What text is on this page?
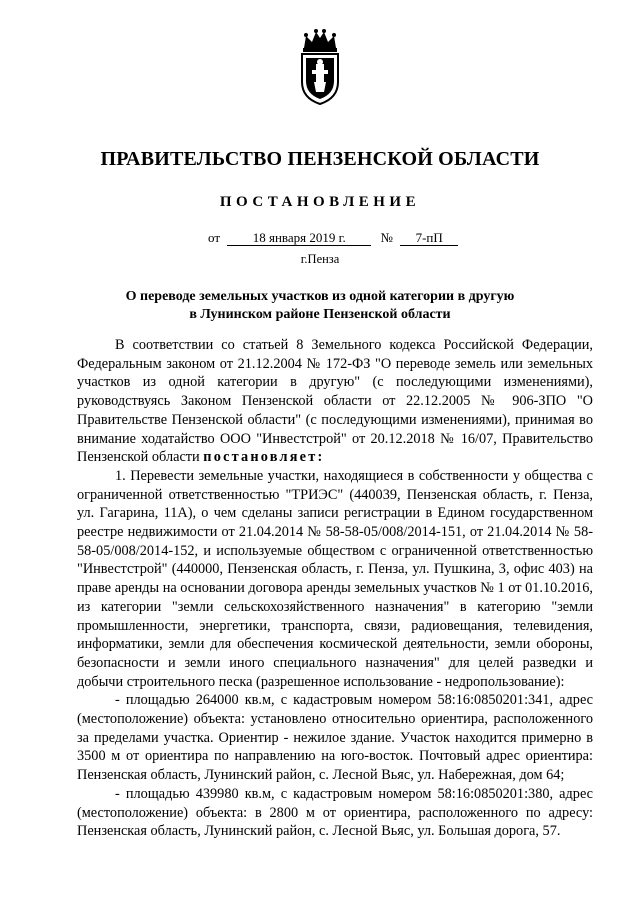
ПРАВИТЕЛЬСТВО ПЕНЗЕНСКОЙ ОБЛАСТИ
ПОСТАНОВЛЕНИЕ
от	18 января 2019 г.	№ 7-пП
г.Пенза
О переводе земельных участков из одной категории в другую
в Лунинском районе Пензенской области

В соответствии со статьей 8 Земельного кодекса Российской Федерации, Федеральным законом от 21.12.2004 № 172-ФЗ "О переводе земель или земельных участков из одной категории в другую" (с последующими изменениями), руководствуясь Законом Пензенской области от 22.12.2005 № 906-ЗПО "О Правительстве Пензенской области" (с последующими изменениями), принимая во внимание ходатайство ООО "Инвестстрой" от 20.12.2018 № 16/07, Правительство Пензенской области постановляет:

1. Перевести земельные участки, находящиеся в собственности у общества с ограниченной ответственностью "ТРИЭС" (440039, Пензенская область, г. Пенза, ул. Гагарина, 11А), о чем сделаны записи регистрации в Едином государственном реестре недвижимости от 21.04.2014 № 58-58-05/008/2014-151, от 21.04.2014 № 58-58-05/008/2014-152, и используемые обществом с ограниченной ответственностью "Инвестстрой" (440000, Пензенская область, г. Пенза, ул. Пушкина, 3, офис 403) на праве аренды на основании договора аренды земельных участков № 1 от 01.10.2016, из категории "земли сельскохозяйственного назначения" в категорию "земли промышленности, энергетики, транспорта, связи, радиовещания, телевидения, информатики, земли для обеспечения космической деятельности, земли обороны, безопасности и земли иного специального назначения" для целей разведки и добычи строительного песка (разрешенное использование - недропользование):

- площадью 264000 кв.м, с кадастровым номером 58:16:0850201:341, адрес (местоположение) объекта: установлено относительно ориентира, расположенного за пределами участка. Ориентир - нежилое здание. Участок находится примерно в 3500 м от ориентира по направлению на юго-восток. Почтовый адрес ориентира: Пензенская область, Лунинский район, с. Лесной Вьяс, ул. Набережная, дом 64;

- площадью 439980 кв.м, с кадастровым номером 58:16:0850201:380, адрес (местоположение) объекта: в 2800 м от ориентира, расположенного по адресу: Пензенская область, Лунинский район, с. Лесной Вьяс, ул. Большая дорога, 57.
